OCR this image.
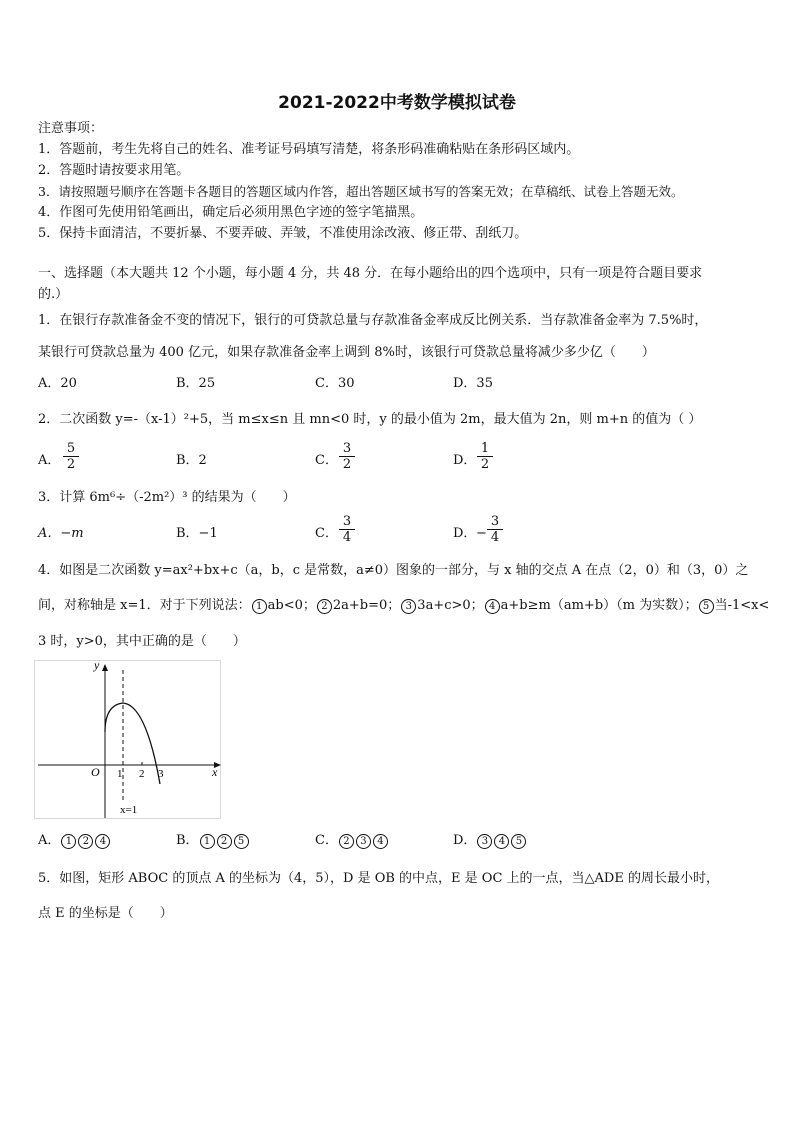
2021-2022中考数学模拟试卷
注意事项：
1．答题前，考生先将自己的姓名、准考证号码填写清楚，将条形码准确粘贴在条形码区域内。
2．答题时请按要求用笔。
3．请按照题号顺序在答题卡各题目的答题区域内作答，超出答题区域书写的答案无效；在草稿纸、试卷上答题无效。
4．作图可先使用铅笔画出，确定后必须用黑色字迹的签字笔描黑。
5．保持卡面清洁，不要折暴、不要弄破、弄皱，不准使用涂改液、修正带、刮纸刀。
一、选择题（本大题共 12 个小题，每小题 4 分，共 48 分．在每小题给出的四个选项中，只有一项是符合题目要求
的.）
1．在银行存款准备金不变的情况下，银行的可贷款总量与存款准备金率成反比例关系．当存款准备金率为 7.5%时，
某银行可贷款总量为 400 亿元，如果存款准备金率上调到 8%时，该银行可贷款总量将减少多少亿（　　）
A．20	B．25	C．30	D．35
2．二次函数 y=-（x-1）²+5，当 m≤x≤n 且 mn<0 时，y 的最小值为 2m，最大值为 2n，则 m+n 的值为（ ）
A． $\frac{5}{2}$	B．2	C． $\frac{3}{2}$	D． $\frac{1}{2}$
3．计算 6m⁶÷（-2m²）³ 的结果为（　　）
A．−m	B．−1	C． $\frac{3}{4}$	D． − $\frac{3}{4}$
4．如图是二次函数 y=ax²+bx+c（a，b，c 是常数，a≠0）图象的一部分，与 x 轴的交点 A 在点（2，0）和（3，0）之
间，对称轴是 x=1．对于下列说法： 1 ab<0； 2 2a+b=0； 3 3a+c>0； 4 a+b≥m（am+b）（m 为实数）； 5 当-1<x<
3 时，y>0，其中正确的是（　　）
y
x
O 1 2 3
x=1
A． 1 2 4	B． 1 2 5	C． 2 3 4	D． 3 4 5
5．如图，矩形 ABOC 的顶点 A 的坐标为（4，5），D 是 OB 的中点，E 是 OC 上的一点，当△ADE 的周长最小时，
点 E 的坐标是（　　）
